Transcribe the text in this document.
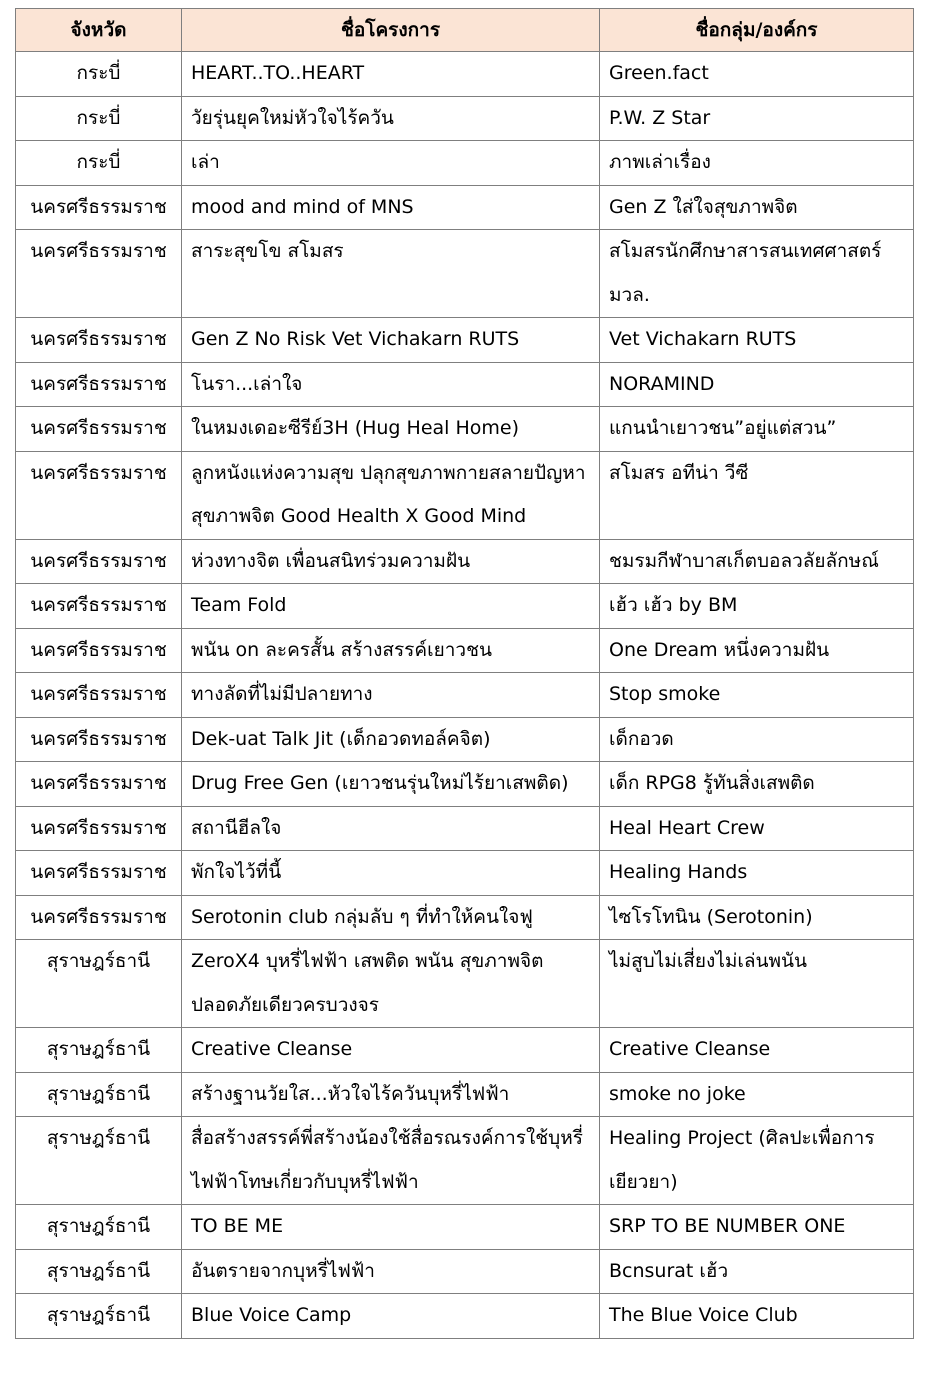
จังหวัด	ชื่อโครงการ	ชื่อกลุ่ม/องค์กร
กระบี่	HEART..TO..HEART	Green.fact
กระบี่	วัยรุ่นยุคใหม่หัวใจไร้ควัน	P.W. Z Star
กระบี่	เล่า	ภาพเล่าเรื่อง
นครศรีธรรมราช	mood and mind of MNS	Gen Z ใส่ใจสุขภาพจิต
นครศรีธรรมราช	สาระสุขโข สโมสร	สโมสรนักศึกษาสารสนเทศศาสตร์ มวล.
นครศรีธรรมราช	Gen Z No Risk Vet Vichakarn RUTS	Vet Vichakarn RUTS
นครศรีธรรมราช	โนรา...เล่าใจ	NORAMIND
นครศรีธรรมราช	ในหมงเดอะซีรีย์3H (Hug Heal Home)	แกนนำเยาวชน”อยู่แต่สวน”
นครศรีธรรมราช	ลูกหนังแห่งความสุข ปลุกสุขภาพกายสลายปัญหาสุขภาพจิต Good Health X Good Mind	สโมสร อทีน่า วีซี
นครศรีธรรมราช	ห่วงทางจิต เพื่อนสนิทร่วมความฝัน	ชมรมกีฬาบาสเก็ตบอลวลัยลักษณ์
นครศรีธรรมราช	Team Fold	เฮ้ว เฮ้ว by BM
นครศรีธรรมราช	พนัน on ละครสั้น สร้างสรรค์เยาวชน	One Dream หนึ่งความฝัน
นครศรีธรรมราช	ทางลัดที่ไม่มีปลายทาง	Stop smoke
นครศรีธรรมราช	Dek-uat Talk Jit (เด็กอวดทอล์คจิต)	เด็กอวด
นครศรีธรรมราช	Drug Free Gen (เยาวชนรุ่นใหม่ไร้ยาเสพติด)	เด็ก RPG8 รู้ทันสิ่งเสพติด
นครศรีธรรมราช	สถานีฮีลใจ	Heal Heart Crew
นครศรีธรรมราช	พักใจไว้ที่นี้	Healing Hands
นครศรีธรรมราช	Serotonin club กลุ่มลับ ๆ ที่ทำให้คนใจฟู	ไซโรโทนิน (Serotonin)
สุราษฎร์ธานี	ZeroX4 บุหรี่ไฟฟ้า เสพติด พนัน สุขภาพจิต ปลอดภัยเดียวครบวงจร	ไม่สูบไม่เสี่ยงไม่เล่นพนัน
สุราษฎร์ธานี	Creative Cleanse	Creative Cleanse
สุราษฎร์ธานี	สร้างฐานวัยใส...หัวใจไร้ควันบุหรี่ไฟฟ้า	smoke no joke
สุราษฎร์ธานี	สื่อสร้างสรรค์พี่สร้างน้องใช้สื่อรณรงค์การใช้บุหรี่ไฟฟ้าโทษเกี่ยวกับบุหรี่ไฟฟ้า	Healing Project (ศิลปะเพื่อการเยียวยา)
สุราษฎร์ธานี	TO BE ME	SRP TO BE NUMBER ONE
สุราษฎร์ธานี	อันตรายจากบุหรี่ไฟฟ้า	Bcnsurat เฮ้ว
สุราษฎร์ธานี	Blue Voice Camp	The Blue Voice Club
